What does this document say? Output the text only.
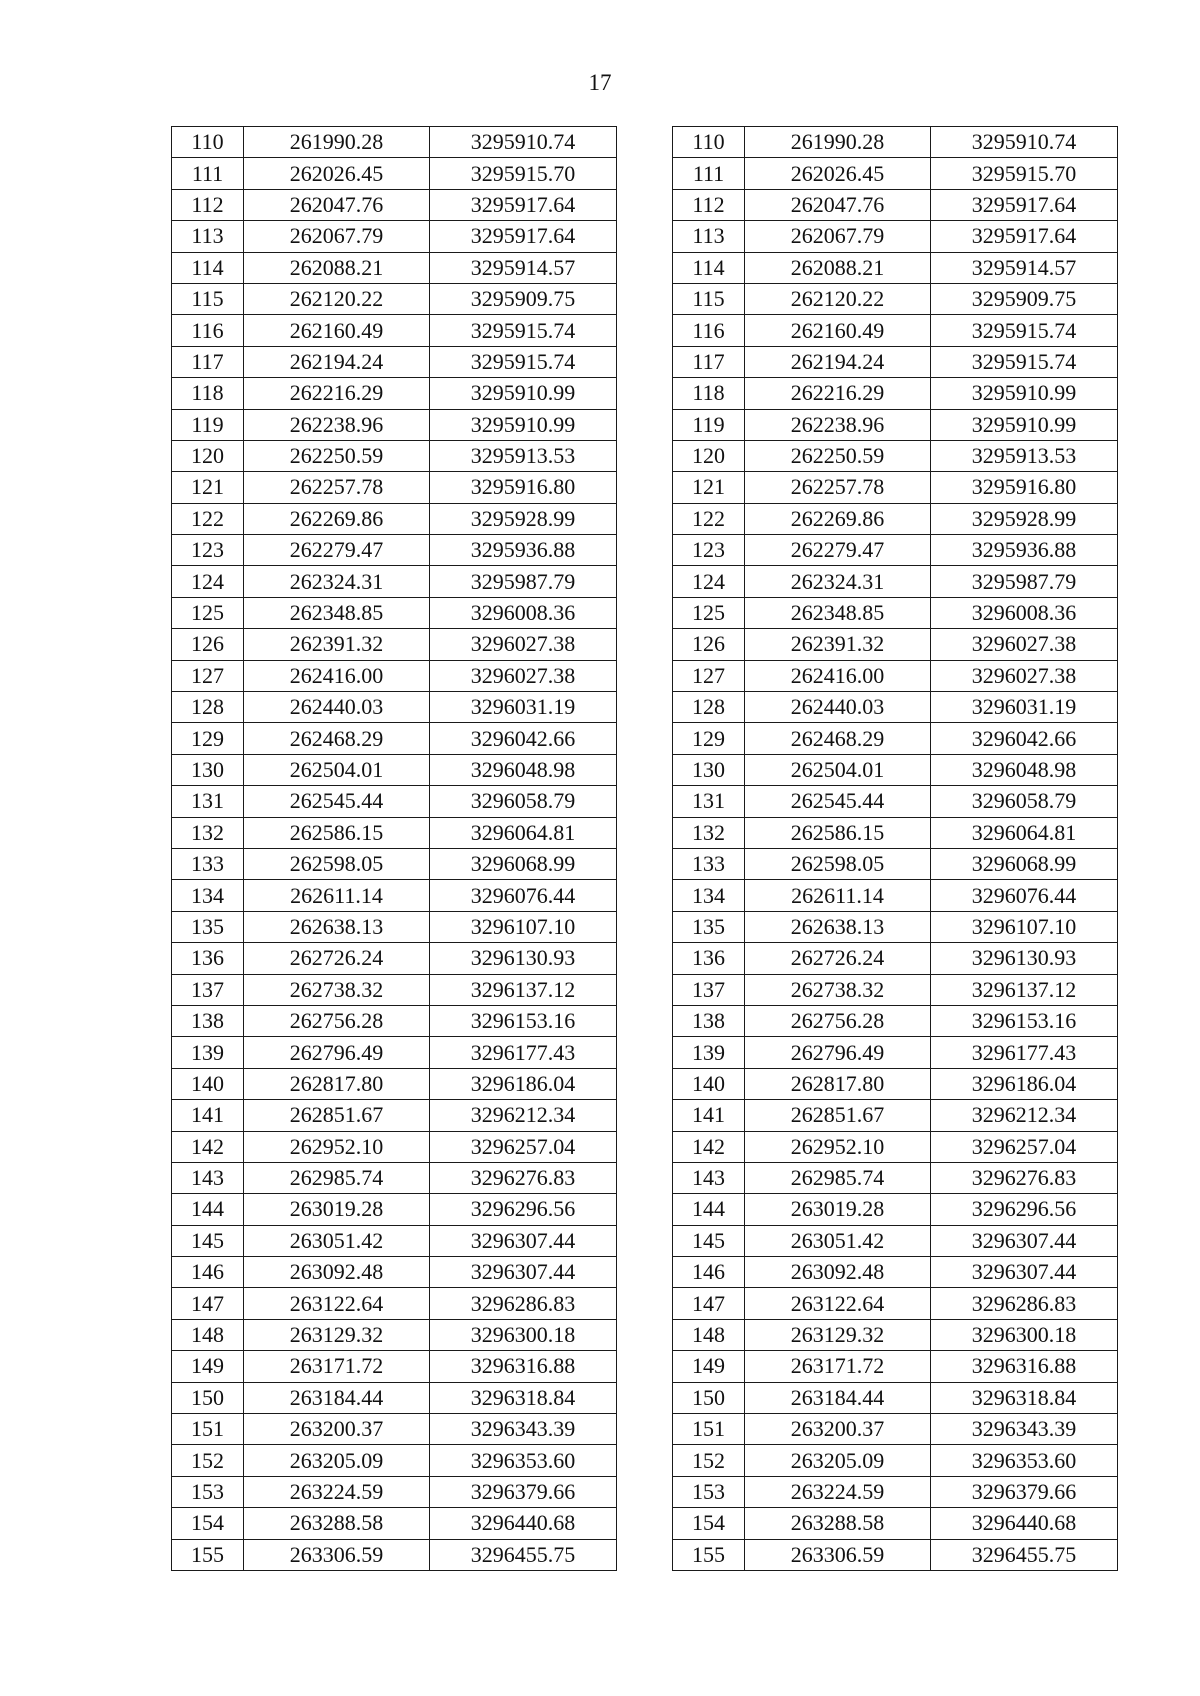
17
110	261990.28	3295910.74		110	261990.28	3295910.74
111	262026.45	3295915.70		111	262026.45	3295915.70
112	262047.76	3295917.64		112	262047.76	3295917.64
113	262067.79	3295917.64		113	262067.79	3295917.64
114	262088.21	3295914.57		114	262088.21	3295914.57
115	262120.22	3295909.75		115	262120.22	3295909.75
116	262160.49	3295915.74		116	262160.49	3295915.74
117	262194.24	3295915.74		117	262194.24	3295915.74
118	262216.29	3295910.99		118	262216.29	3295910.99
119	262238.96	3295910.99		119	262238.96	3295910.99
120	262250.59	3295913.53		120	262250.59	3295913.53
121	262257.78	3295916.80		121	262257.78	3295916.80
122	262269.86	3295928.99		122	262269.86	3295928.99
123	262279.47	3295936.88		123	262279.47	3295936.88
124	262324.31	3295987.79		124	262324.31	3295987.79
125	262348.85	3296008.36		125	262348.85	3296008.36
126	262391.32	3296027.38		126	262391.32	3296027.38
127	262416.00	3296027.38		127	262416.00	3296027.38
128	262440.03	3296031.19		128	262440.03	3296031.19
129	262468.29	3296042.66		129	262468.29	3296042.66
130	262504.01	3296048.98		130	262504.01	3296048.98
131	262545.44	3296058.79		131	262545.44	3296058.79
132	262586.15	3296064.81		132	262586.15	3296064.81
133	262598.05	3296068.99		133	262598.05	3296068.99
134	262611.14	3296076.44		134	262611.14	3296076.44
135	262638.13	3296107.10		135	262638.13	3296107.10
136	262726.24	3296130.93		136	262726.24	3296130.93
137	262738.32	3296137.12		137	262738.32	3296137.12
138	262756.28	3296153.16		138	262756.28	3296153.16
139	262796.49	3296177.43		139	262796.49	3296177.43
140	262817.80	3296186.04		140	262817.80	3296186.04
141	262851.67	3296212.34		141	262851.67	3296212.34
142	262952.10	3296257.04		142	262952.10	3296257.04
143	262985.74	3296276.83		143	262985.74	3296276.83
144	263019.28	3296296.56		144	263019.28	3296296.56
145	263051.42	3296307.44		145	263051.42	3296307.44
146	263092.48	3296307.44		146	263092.48	3296307.44
147	263122.64	3296286.83		147	263122.64	3296286.83
148	263129.32	3296300.18		148	263129.32	3296300.18
149	263171.72	3296316.88		149	263171.72	3296316.88
150	263184.44	3296318.84		150	263184.44	3296318.84
151	263200.37	3296343.39		151	263200.37	3296343.39
152	263205.09	3296353.60		152	263205.09	3296353.60
153	263224.59	3296379.66		153	263224.59	3296379.66
154	263288.58	3296440.68		154	263288.58	3296440.68
155	263306.59	3296455.75		155	263306.59	3296455.75
